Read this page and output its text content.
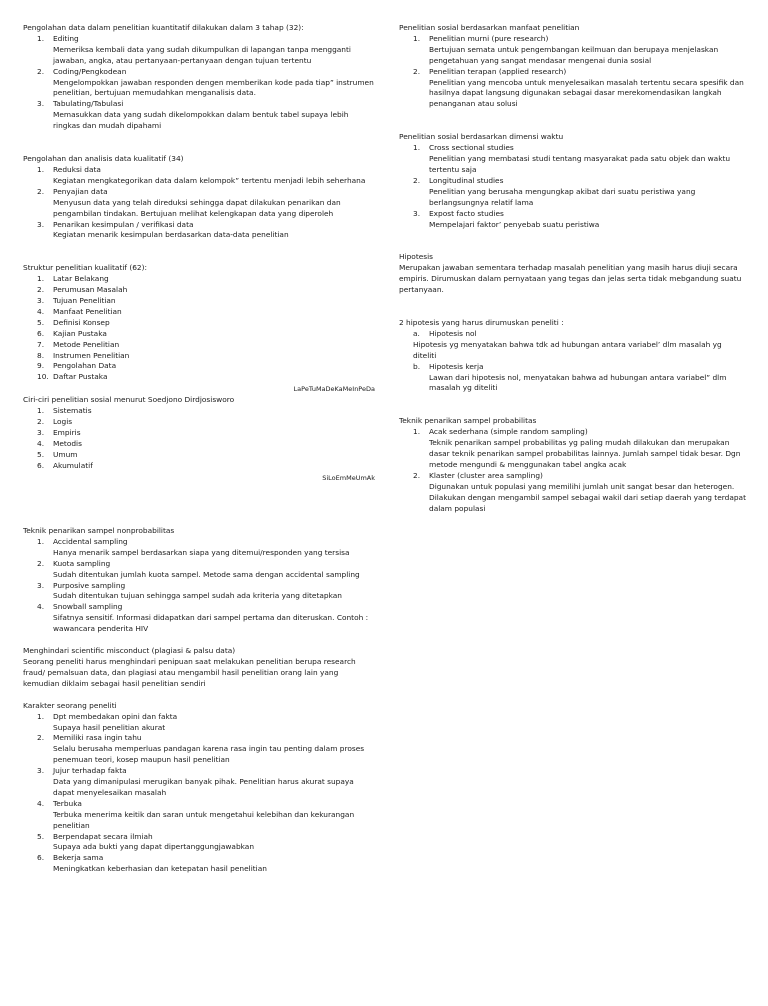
Pengolahan data dalam penelitian kuantitatif dilakukan dalam 3 tahap (32):
1. Editing
Memeriksa kembali data yang sudah dikumpulkan di lapangan tanpa mengganti jawaban, angka, atau pertanyaan-pertanyaan dengan tujuan tertentu
2. Coding/Pengkodean
Mengelompokkan jawaban responden dengen memberikan kode pada tiap” instrumen penelitian, bertujuan memudahkan menganalisis data.
3. Tabulating/Tabulasi
Memasukkan data yang sudah dikelompokkan dalam bentuk tabel supaya lebih ringkas dan mudah dipahami
Pengolahan dan analisis data kualitatif (34)
1. Reduksi data
Kegiatan mengkategorikan data dalam kelompok” tertentu menjadi lebih seherhana
2. Penyajian data
Menyusun data yang telah direduksi sehingga dapat dilakukan penarikan dan pengambilan tindakan. Bertujuan melihat kelengkapan data yang diperoleh
3. Penarikan kesimpulan / verifikasi data
Kegiatan menarik kesimpulan berdasarkan data-data penelitian
Struktur penelitian kualitatif (62):
1. Latar Belakang
2. Perumusan Masalah
3. Tujuan Penelitian
4. Manfaat Penelitian
5. Definisi Konsep
6. Kajian Pustaka
7. Metode Penelitian
8. Instrumen Penelitian
9. Pengolahan Data
10. Daftar Pustaka
LaPeTuMaDeKaMeInPeDa
Ciri-ciri penelitian sosial menurut Soedjono Dirdjosisworo
1. Sistematis
2. Logis
3. Empiris
4. Metodis
5. Umum
6. Akumulatif
SiLoEmMeUmAk
Penelitian sosial berdasarkan manfaat penelitian
1. Penelitian murni (pure research)
Bertujuan semata untuk pengembangan keilmuan dan berupaya menjelaskan pengetahuan yang sangat mendasar mengenai dunia sosial
2. Penelitian terapan (applied research)
Penelitian yang mencoba untuk menyelesaikan masalah tertentu secara spesifik dan hasilnya dapat langsung digunakan sebagai dasar merekomendasikan langkah penanganan atau solusi
Penelitian sosial berdasarkan dimensi waktu
1. Cross sectional studies
Penelitian yang membatasi studi tentang masyarakat pada satu objek dan waktu tertentu saja
2. Longitudinal studies
Penelitian yang berusaha mengungkap akibat dari suatu peristiwa yang berlangsungnya relatif lama
3. Expost facto studies
Mempelajari faktor’ penyebab suatu peristiwa
Hipotesis
Merupakan jawaban sementara terhadap masalah penelitian yang masih harus diuji secara empiris. Dirumuskan dalam pernyataan yang tegas dan jelas serta tidak mebgandung suatu pertanyaan.
2 hipotesis yang harus dirumuskan peneliti :
a. Hipotesis nol
Hipotesis yg menyatakan bahwa tdk ad hubungan antara variabel’ dlm masalah yg diteliti
b. Hipotesis kerja
Lawan dari hipotesis nol, menyatakan bahwa ad hubungan antara variabel” dlm masalah yg diteliti
Teknik penarikan sampel probabilitas
1. Acak sederhana (simple random sampling)
Teknik penarikan sampel probabilitas yg paling mudah dilakukan dan merupakan dasar teknik penarikan sampel probabilitas lainnya. Jumlah sampel tidak besar. Dgn metode mengundi & menggunakan tabel angka acak
2. Klaster (cluster area sampling)
Digunakan untuk populasi yang memilihi jumlah unit sangat besar dan heterogen. Dilakukan dengan mengambil sampel sebagai wakil dari setiap daerah yang terdapat dalam populasi
Teknik penarikan sampel nonprobabilitas
1. Accidental sampling
Hanya menarik sampel berdasarkan siapa yang ditemui/responden yang tersisa
2. Kuota sampling
Sudah ditentukan jumlah kuota sampel. Metode sama dengan accidental sampling
3. Purposive sampling
Sudah ditentukan tujuan sehingga sampel sudah ada kriteria yang ditetapkan
4. Snowball sampling
Sifatnya sensitif. Informasi didapatkan dari sampel pertama dan diteruskan. Contoh : wawancara penderita HIV
Menghindari scientific misconduct (plagiasi & palsu data)
Seorang peneliti harus menghindari penipuan saat melakukan penelitian berupa research fraud/ pemalsuan data, dan plagiasi atau mengambil hasil penelitian orang lain yang kemudian diklaim sebagai hasil penelitian sendiri
Karakter seorang peneliti
1. Dpt membedakan opini dan fakta
Supaya hasil penelitian akurat
2. Memiliki rasa ingin tahu
Selalu berusaha memperluas pandagan karena rasa ingin tau penting dalam proses penemuan teori, kosep maupun hasil penelitian
3. Jujur terhadap fakta
Data yang dimanipulasi merugikan banyak pihak. Penelitian harus akurat supaya dapat menyelesaikan masalah
4. Terbuka
Terbuka menerima keitik dan saran untuk mengetahui kelebihan dan kekurangan penelitian
5. Berpendapat secara ilmiah
Supaya ada bukti yang dapat dipertanggungjawabkan
6. Bekerja sama
Meningkatkan keberhasian dan ketepatan hasil penelitian
